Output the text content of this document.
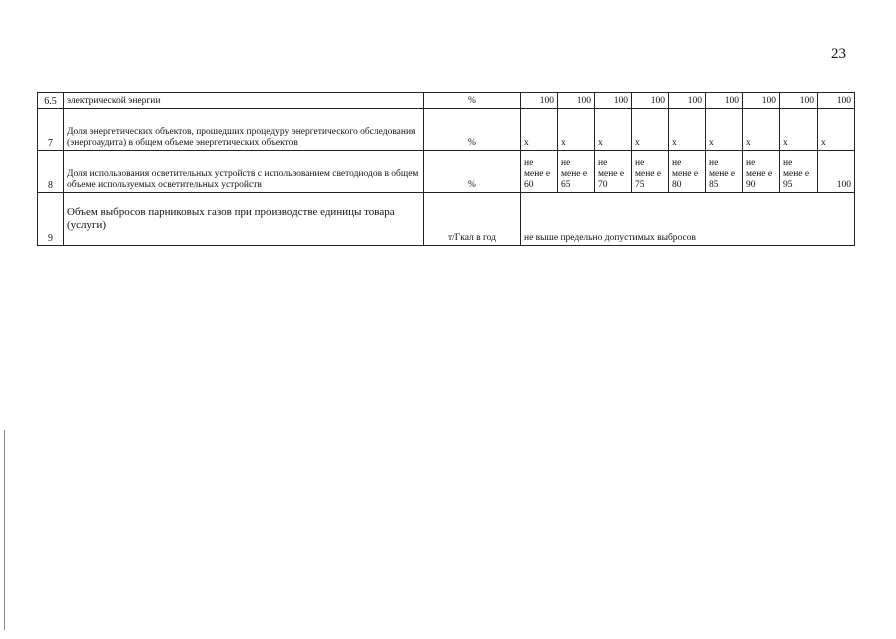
23
6.5	электрической энергии	%	100	100	100	100	100	100	100	100	100
7	Доля энергетических объектов, прошедших процедуру энергетического обследования (энергоаудита) в общем объеме энергетических объектов	%	x	x	x	x	x	x	x	x	x
8	Доля использования осветительных устройств с использованием светодиодов в общем объеме используемых осветительных устройств	%	не мене е 60	не мене е 65	не мене е 70	не мене е 75	не мене е 80	не мене е 85	не мене е 90	не мене е 95	100
9	Объем выбросов парниковых газов при производстве единицы товара (услуги)	т/Гкал в год	не выше предельно допустимых выбросов								
